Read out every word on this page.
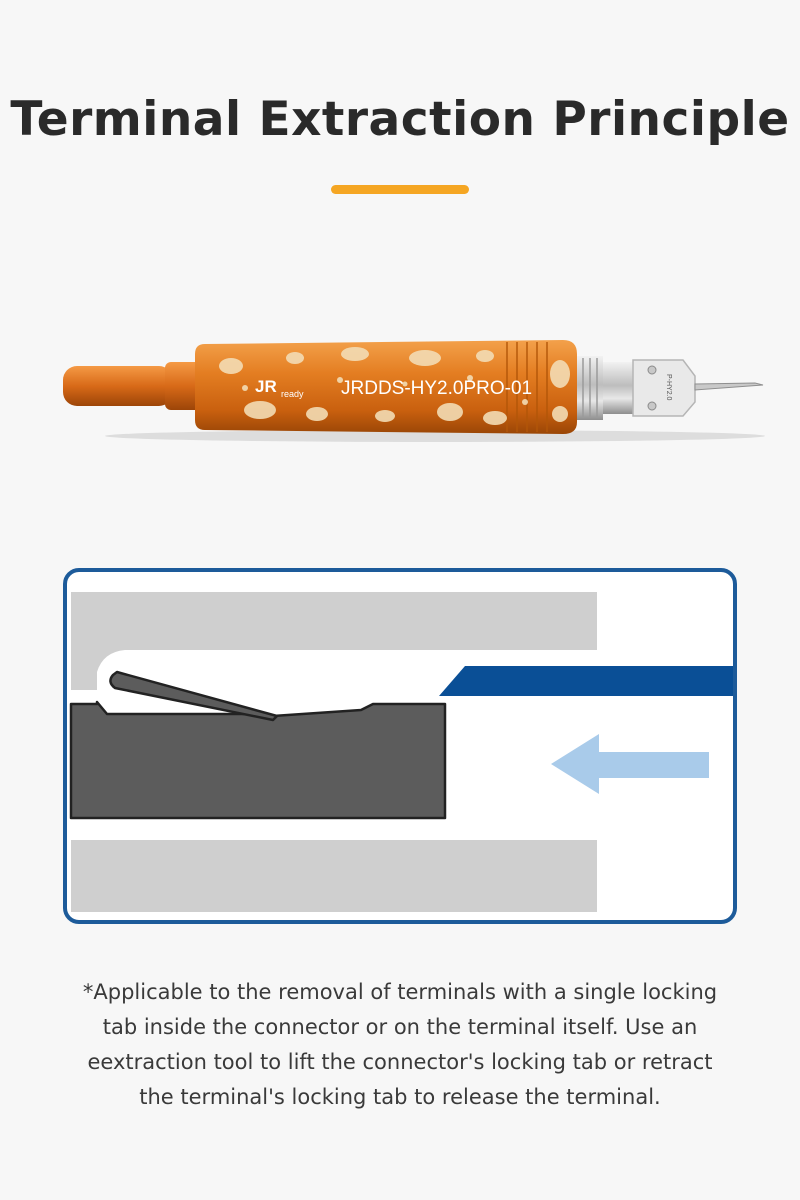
Terminal Extraction Principle
JR ready JRDDS-HY2.0PRO-01	P-HY2.0

*Applicable to the removal of terminals with a single locking tab inside the connector or on the terminal itself. Use an eextraction tool to lift the connector's locking tab or retract the terminal's locking tab to release the terminal.
